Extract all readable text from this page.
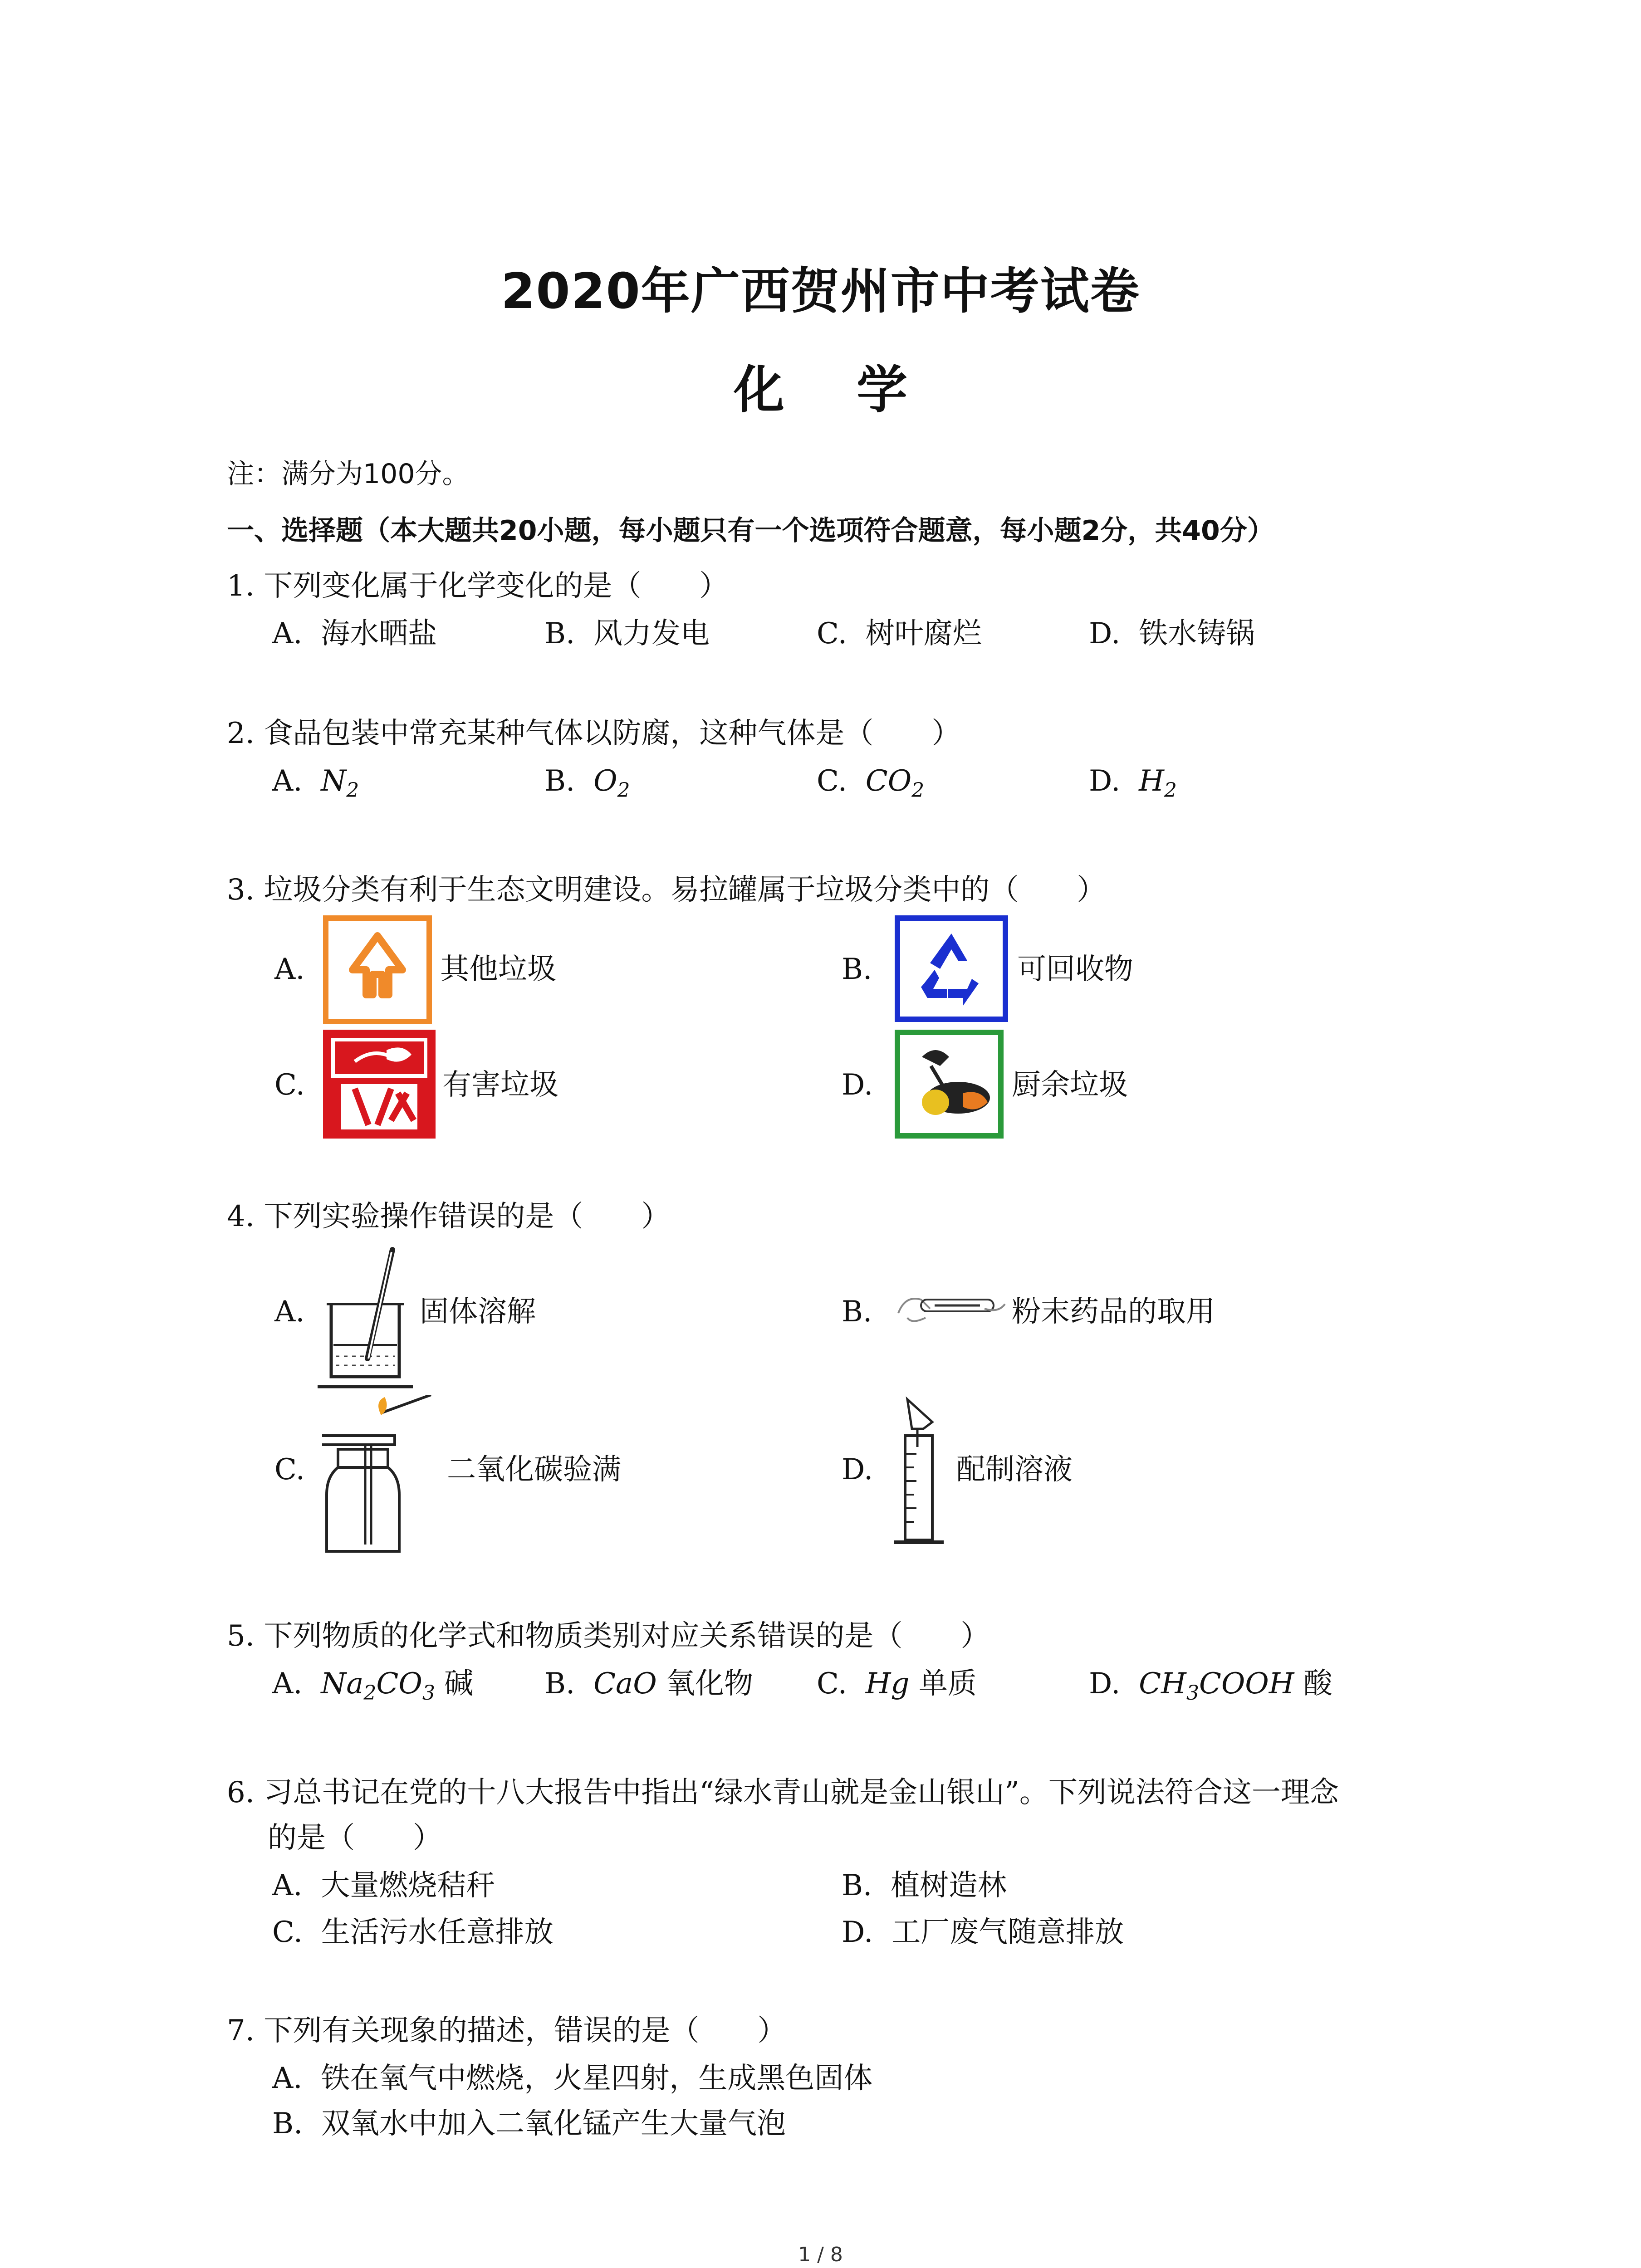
2020年广西贺州市中考试卷
化 学
注：满分为100分。
一、选择题（本大题共20小题，每小题只有一个选项符合题意，每小题2分，共40分）
1. 下列变化属于化学变化的是（　　）
A. 海水晒盐	B. 风力发电	C. 树叶腐烂	D. 铁水铸锅
2. 食品包装中常充某种气体以防腐，这种气体是（　　）
A. $N_2$	B. $O_2$	C. $CO_2$	D. $H_2$
3. 垃圾分类有利于生态文明建设。易拉罐属于垃圾分类中的（　　）
A.	其他垃圾	B.	可回收物
C.	有害垃圾	D.	厨余垃圾
4. 下列实验操作错误的是（　　）
A.	固体溶解	B.	粉末药品的取用
C.	二氧化碳验满	D.	配制溶液
5. 下列物质的化学式和物质类别对应关系错误的是（　　）
A. $Na_2CO_3$ 碱 B. CaO 氧化物 C. Hg 单质	D. $CH_3COOH$ 酸
6. 习总书记在党的十八大报告中指出“绿水青山就是金山银山”。下列说法符合这一理念
的是（　　）
A. 大量燃烧秸秆	B. 植树造林
C. 生活污水任意排放	D. 工厂废气随意排放
7. 下列有关现象的描述，错误的是（　　）
A. 铁在氧气中燃烧，火星四射，生成黑色固体
B. 双氧水中加入二氧化锰产生大量气泡
1 / 8
